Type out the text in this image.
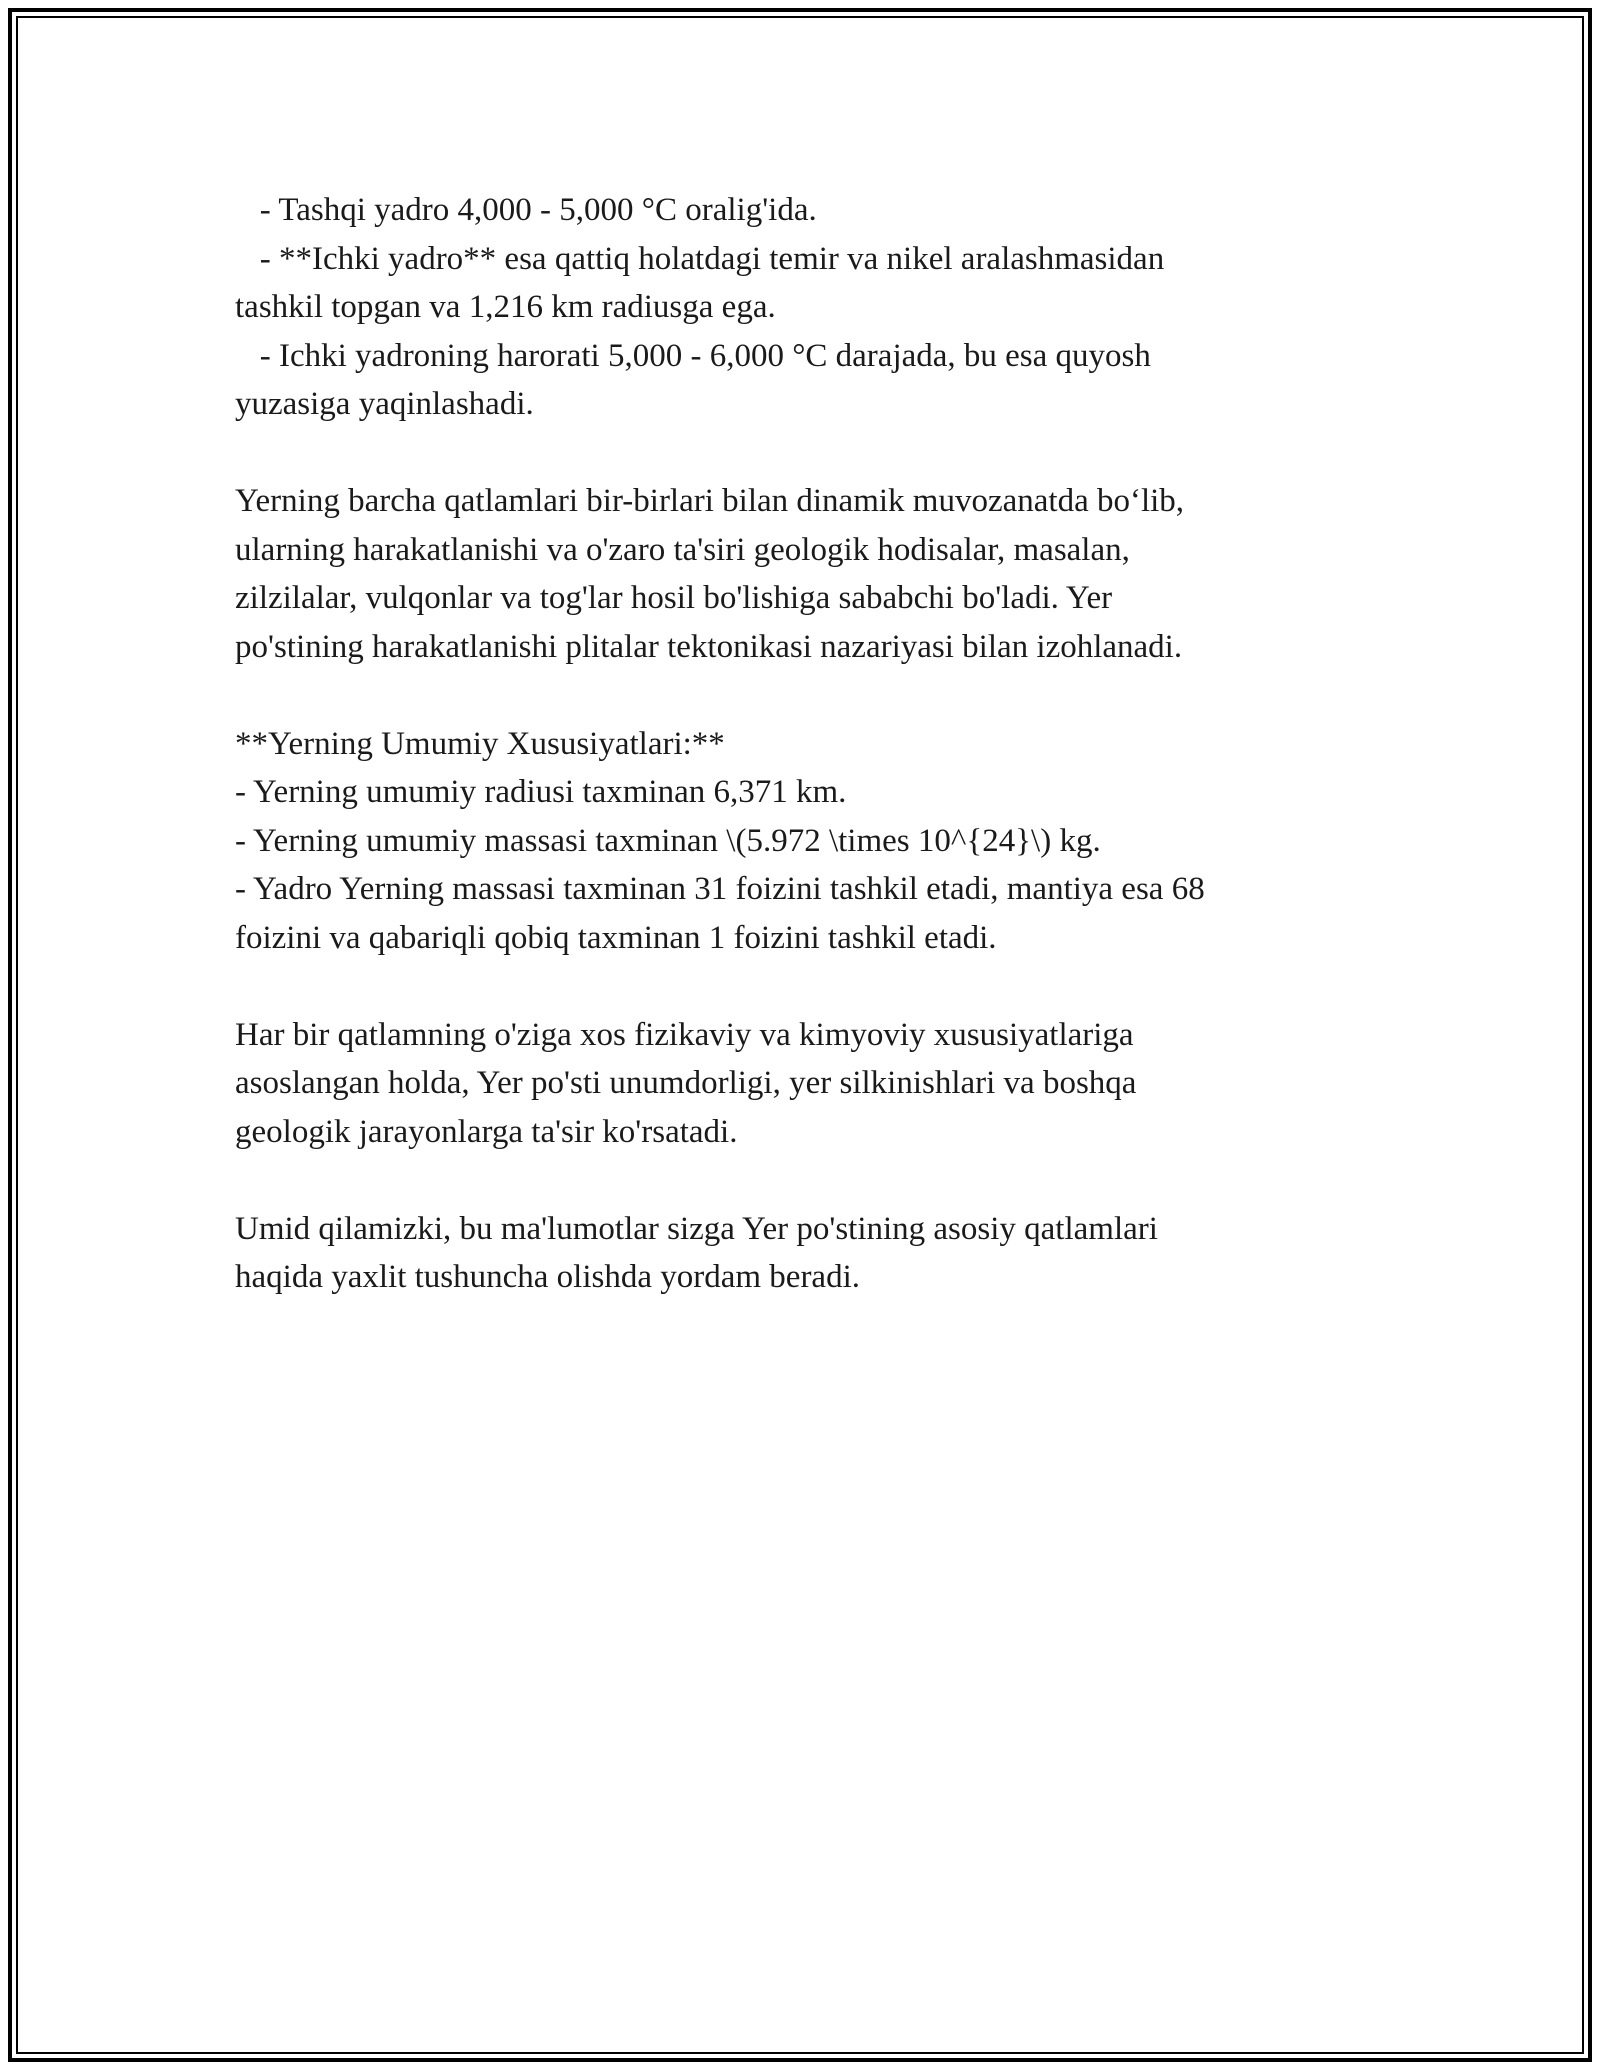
- Tashqi yadro 4,000 - 5,000 °C oralig'ida.
- **Ichki yadro** esa qattiq holatdagi temir va nikel aralashmasidan
tashkil topgan va 1,216 km radiusga ega.
- Ichki yadroning harorati 5,000 - 6,000 °C darajada, bu esa quyosh
yuzasiga yaqinlashadi.
Yerning barcha qatlamlari bir-birlari bilan dinamik muvozanatda boʻlib,
ularning harakatlanishi va o'zaro ta'siri geologik hodisalar, masalan,
zilzilalar, vulqonlar va tog'lar hosil bo'lishiga sababchi bo'ladi. Yer
po'stining harakatlanishi plitalar tektonikasi nazariyasi bilan izohlanadi.
**Yerning Umumiy Xususiyatlari:**
- Yerning umumiy radiusi taxminan 6,371 km.
- Yerning umumiy massasi taxminan \(5.972 \times 10^{24}\) kg.
- Yadro Yerning massasi taxminan 31 foizini tashkil etadi, mantiya esa 68
foizini va qabariqli qobiq taxminan 1 foizini tashkil etadi.
Har bir qatlamning o'ziga xos fizikaviy va kimyoviy xususiyatlariga
asoslangan holda, Yer po'sti unumdorligi, yer silkinishlari va boshqa
geologik jarayonlarga ta'sir ko'rsatadi.
Umid qilamizki, bu ma'lumotlar sizga Yer po'stining asosiy qatlamlari
haqida yaxlit tushuncha olishda yordam beradi.
